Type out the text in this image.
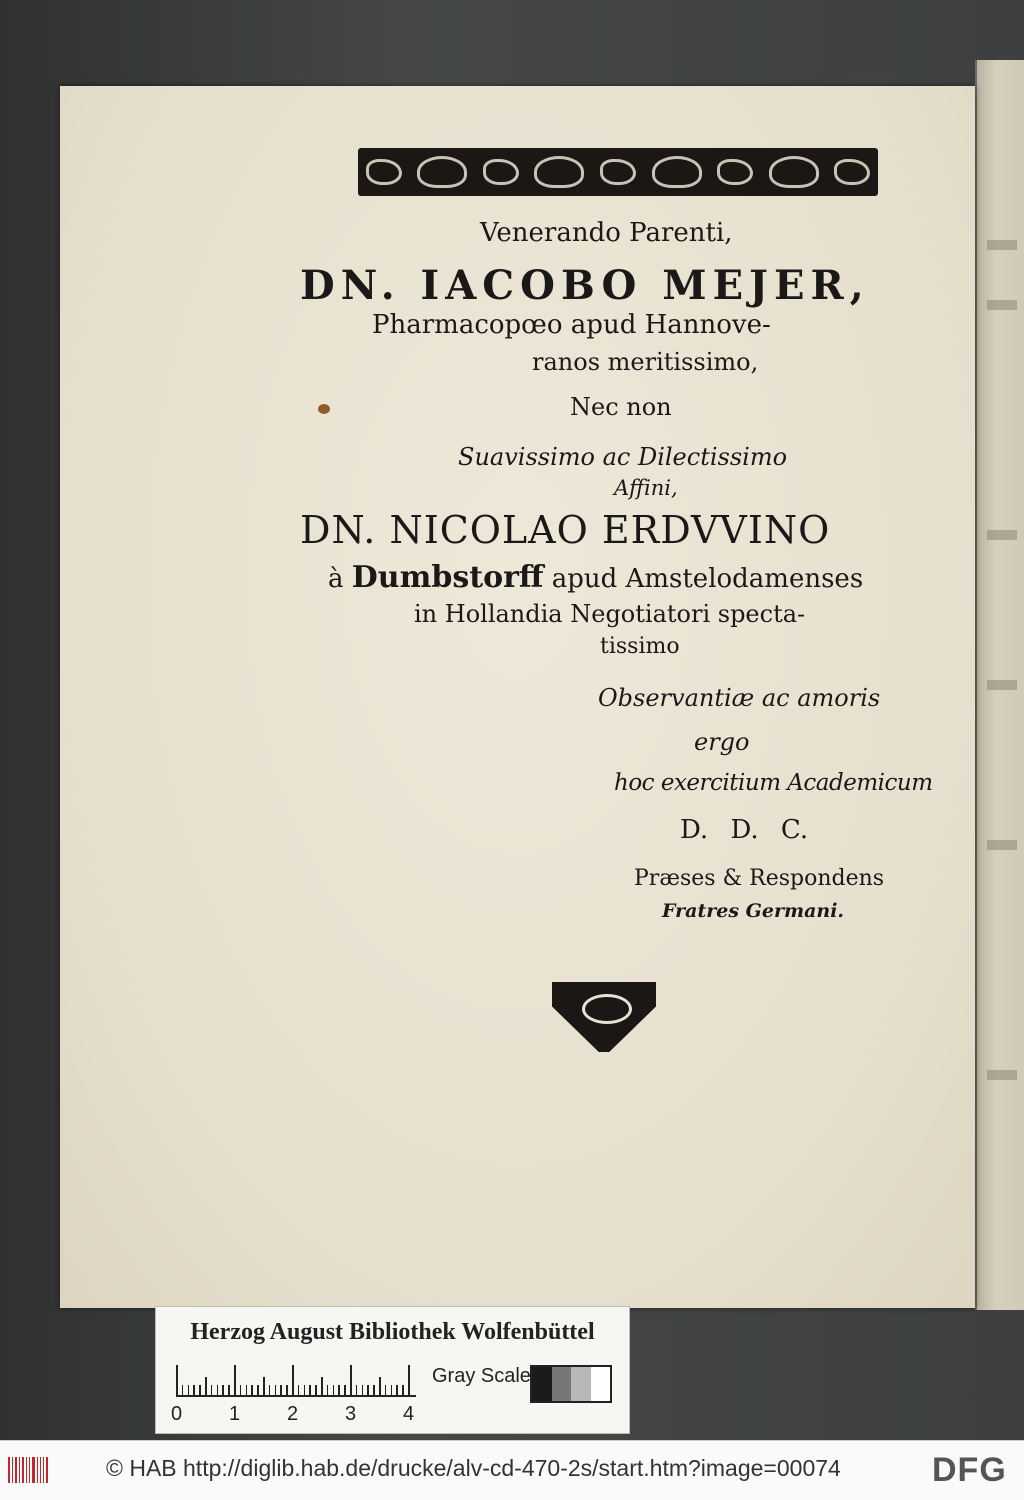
Venerando Parenti,
DN. IACOBO MEJER,
Pharmacopœo apud Hannove-
ranos meritissimo,
Nec non
Suavissimo ac Dilectissimo
Affini,
DN. NICOLAO ERDVVINO
à Dumbstorff apud Amstelodamenses
in Hollandia Negotiatori specta-
tissimo
Observantiæ ac amoris
ergo
hoc exercitium Academicum
D. D. C.
Præses & Respondens
Fratres Germani.
Herzog August Bibliothek Wolfenbüttel
0 1 2 3 4
Gray Scale
© HAB http://diglib.hab.de/drucke/alv-cd-470-2s/start.htm?image=00074	DFG
